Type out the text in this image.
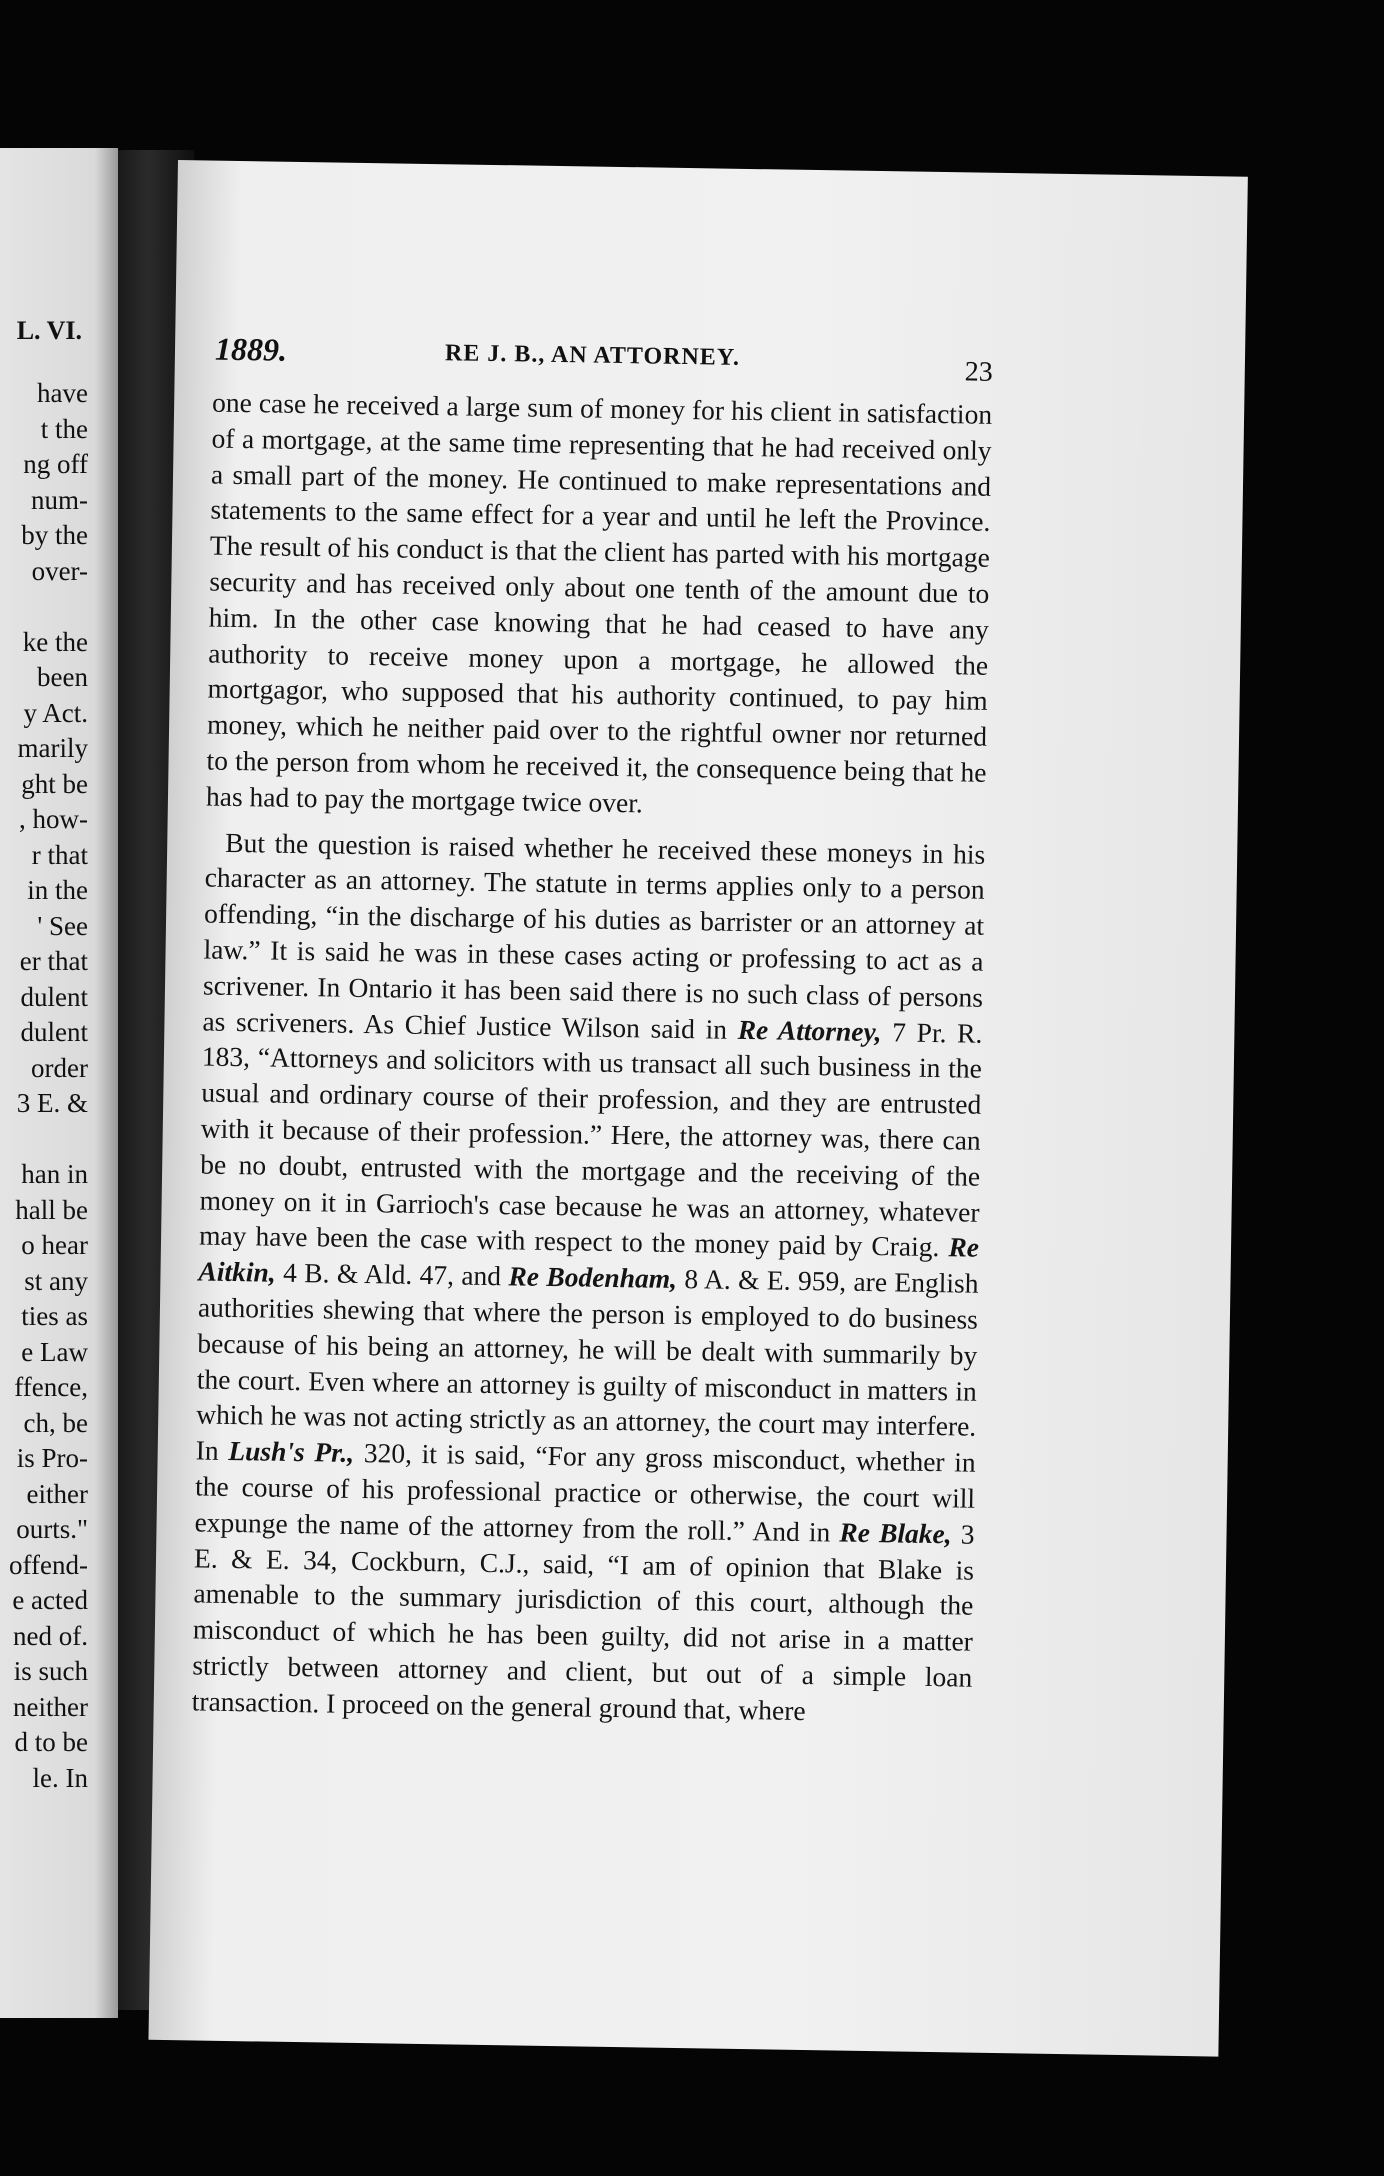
L. VI.
have
t the
ng off
num-
by the
over-
ke the
been
y Act.
marily
ght be
, how-
r that
in the
' See
er that
dulent
dulent
order
3 E. &
han in
hall be
o hear
st any
ties as
e Law
ffence,
ch, be
is Pro-
either
ourts."
offend-
e acted
ned of.
is such
neither
d to be
le. In
1889.	RE J. B., AN ATTORNEY.
23

one case he received a large sum of money for his client in satisfaction of a mortgage, at the same time representing that he had received only a small part of the money. He continued to make representations and statements to the same effect for a year and until he left the Province. The result of his conduct is that the client has parted with his mortgage security and has received only about one tenth of the amount due to him. In the other case knowing that he had ceased to have any authority to receive money upon a mortgage, he allowed the mortgagor, who supposed that his authority continued, to pay him money, which he neither paid over to the rightful owner nor returned to the person from whom he received it, the consequence being that he has had to pay the mortgage twice over.

But the question is raised whether he received these moneys in his character as an attorney. The statute in terms applies only to a person offending, “in the discharge of his duties as barrister or an attorney at law.” It is said he was in these cases acting or professing to act as a scrivener. In Ontario it has been said there is no such class of persons as scriveners. As Chief Justice Wilson said in Re Attorney, 7 Pr. R. 183, “Attorneys and solicitors with us transact all such business in the usual and ordinary course of their profession, and they are entrusted with it because of their profession.” Here, the attorney was, there can be no doubt, entrusted with the mortgage and the receiving of the money on it in Garrioch's case because he was an attorney, whatever may have been the case with respect to the money paid by Craig. Re Aitkin, 4 B. & Ald. 47, and Re Bodenham, 8 A. & E. 959, are English authorities shewing that where the person is employed to do business because of his being an attorney, he will be dealt with summarily by the court. Even where an attorney is guilty of misconduct in matters in which he was not acting strictly as an attorney, the court may interfere. In Lush's Pr., 320, it is said, “For any gross misconduct, whether in the course of his professional practice or otherwise, the court will expunge the name of the attorney from the roll.” And in Re Blake, 3 E. & E. 34, Cockburn, C.J., said, “I am of opinion that Blake is amenable to the summary jurisdiction of this court, although the misconduct of which he has been guilty, did not arise in a matter strictly between attorney and client, but out of a simple loan transaction. I proceed on the general ground that, where
